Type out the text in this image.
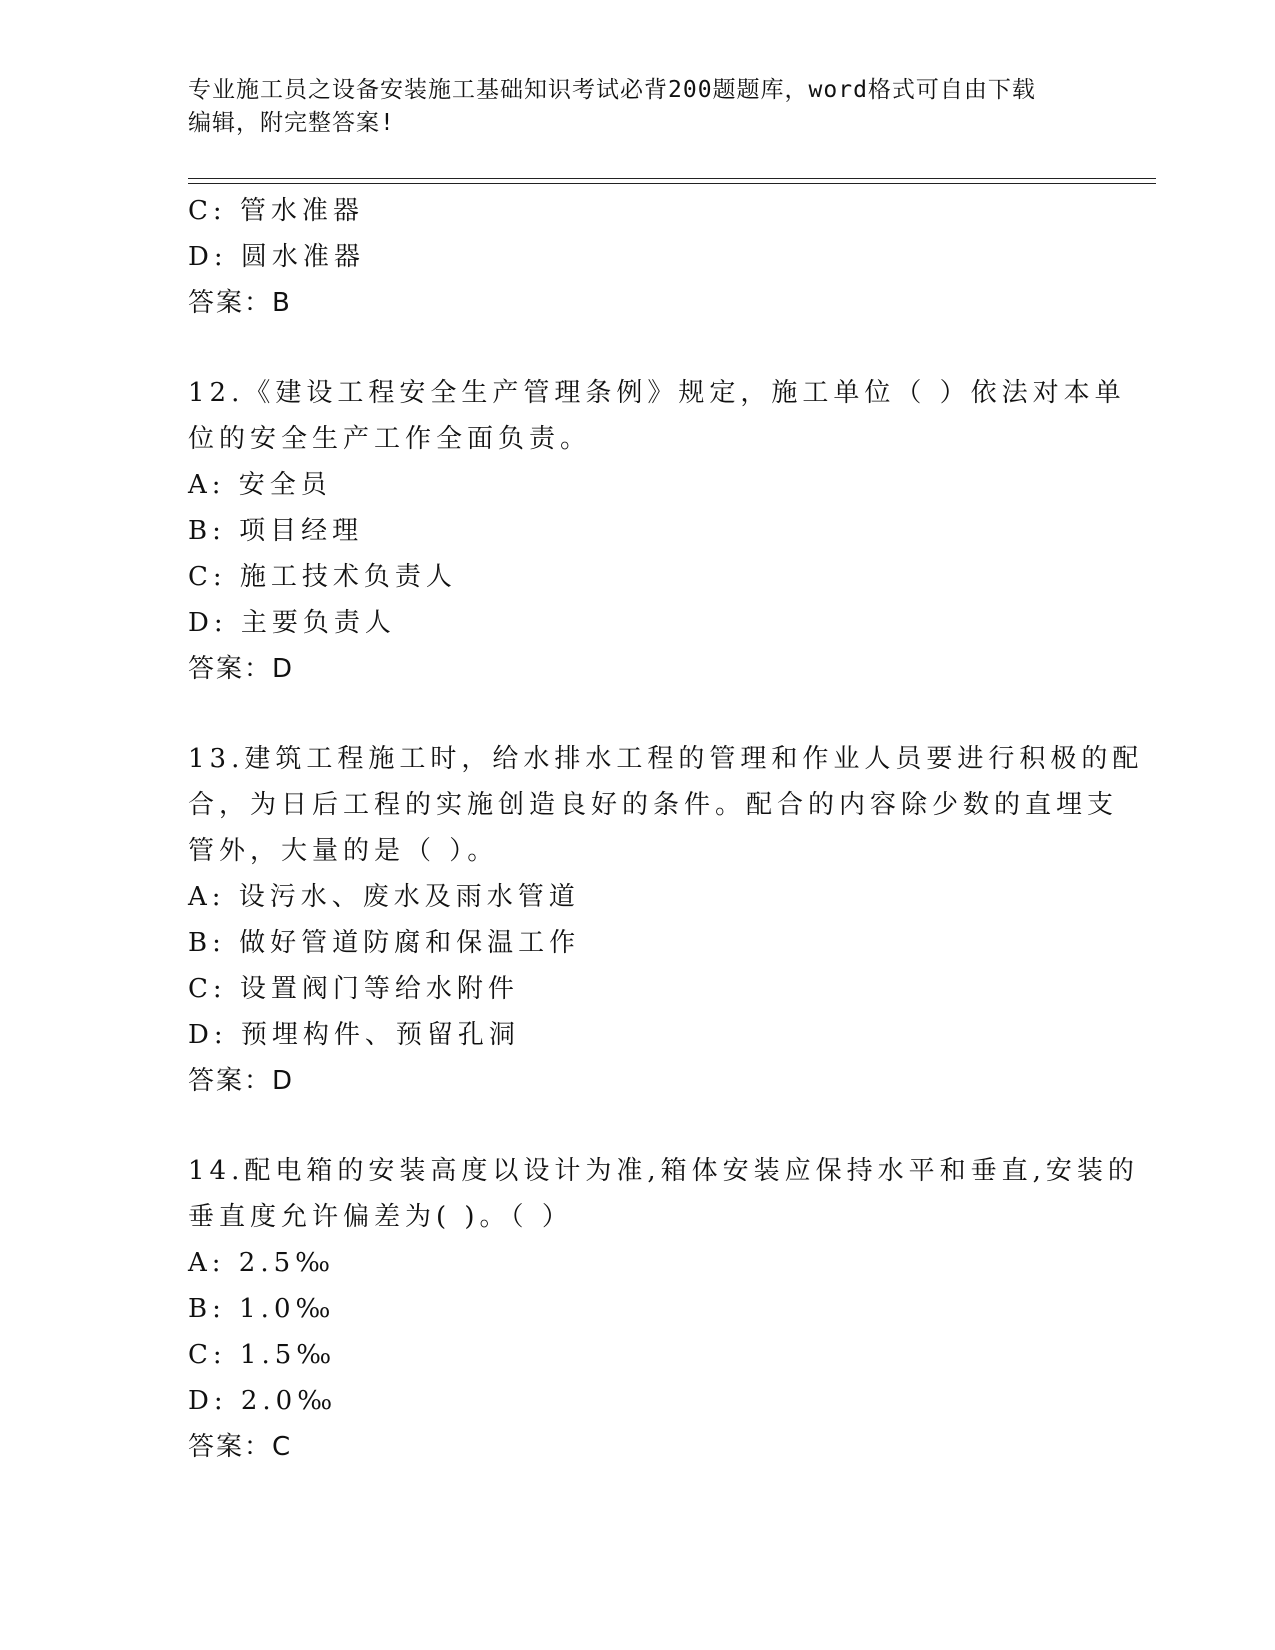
专业施工员之设备安装施工基础知识考试必背200题题库，word格式可自由下载
编辑，附完整答案!
C: 管水准器
D: 圆水准器
答案：B
12.《建设工程安全生产管理条例》规定，施工单位（ ）依法对本单
位的安全生产工作全面负责。
A: 安全员
B: 项目经理
C: 施工技术负责人
D: 主要负责人
答案：D
13.建筑工程施工时，给水排水工程的管理和作业人员要进行积极的配
合，为日后工程的实施创造良好的条件。配合的内容除少数的直埋支
管外，大量的是（ ）。
A: 设污水、废水及雨水管道
B: 做好管道防腐和保温工作
C: 设置阀门等给水附件
D: 预埋构件、预留孔洞
答案：D
14.配电箱的安装高度以设计为准,箱体安装应保持水平和垂直,安装的
垂直度允许偏差为( )。（ ）
A: 2.5‰
B: 1.0‰
C: 1.5‰
D: 2.0‰
答案：C
